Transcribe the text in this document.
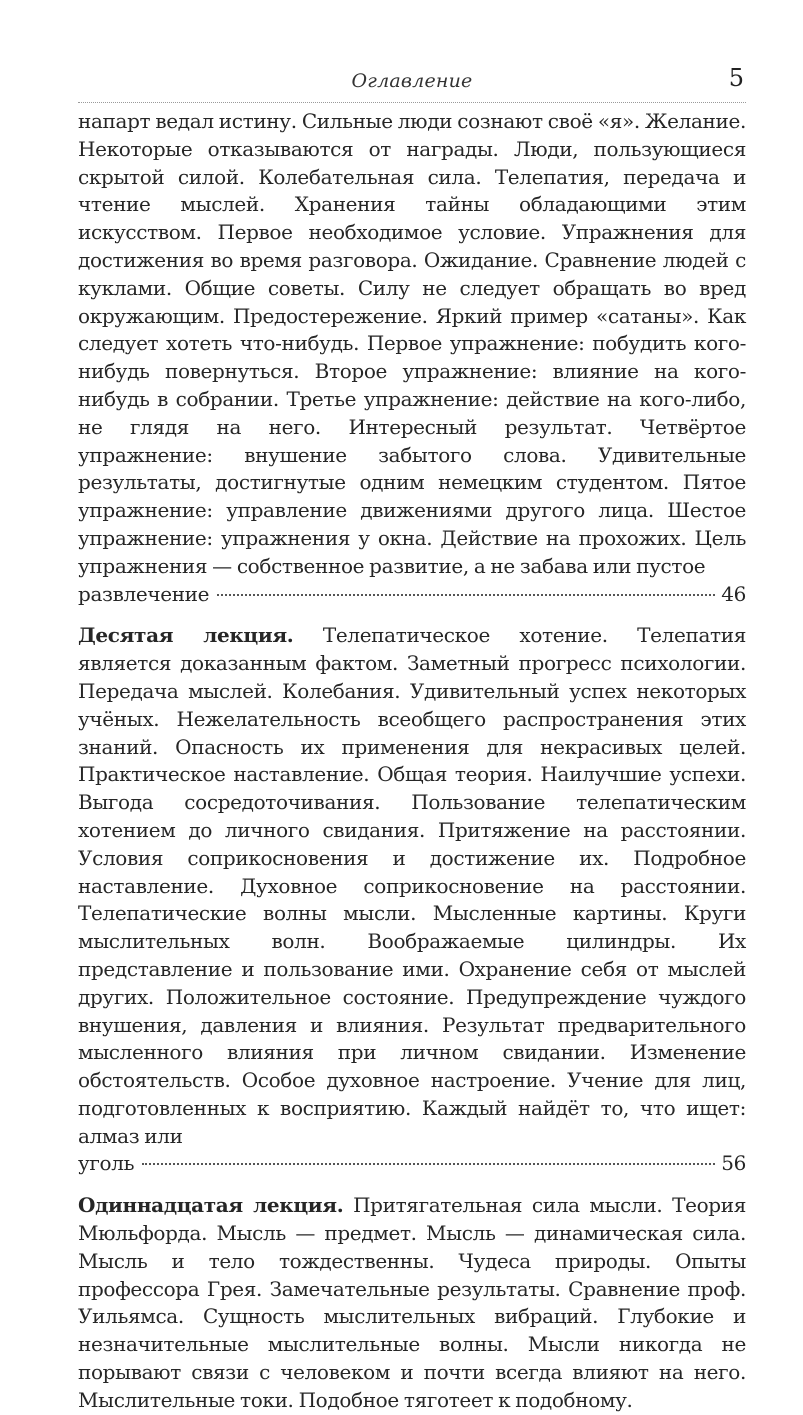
Оглавление	5

напарт ведал истину. Сильные люди сознают своё «я». Желание. Некоторые отказываются от награды. Люди, пользующиеся скрытой силой. Колебательная сила. Телепатия, передача и чтение мыслей. Хранения тайны обладающими этим искусством. Первое необходимое условие. Упражнения для достижения во время разговора. Ожидание. Сравнение людей с куклами. Общие советы. Силу не следует обращать во вред окружающим. Предостережение. Яркий пример «сатаны». Как следует хотеть что-нибудь. Первое упражнение: побудить кого-нибудь повернуться. Второе упражнение: влияние на кого-нибудь в собрании. Третье упражнение: действие на кого-либо, не глядя на него. Интересный результат. Четвёртое упражнение: внушение забытого слова. Удивительные результаты, достигнутые одним немецким студентом. Пятое упражнение: управление движениями другого лица. Шестое упражнение: упражнения у окна. Действие на прохожих. Цель упражнения — собственное развитие, а не забава или пустое
развлечение	46

Десятая лекция. Телепатическое хотение. Телепатия является доказанным фактом. Заметный прогресс психологии. Передача мыслей. Колебания. Удивительный успех некоторых учёных. Нежелательность всеобщего распространения этих знаний. Опасность их применения для некрасивых целей. Практическое наставление. Общая теория. Наилучшие успехи. Выгода сосредоточивания. Пользование телепатическим хотением до личного свидания. Притяжение на расстоянии. Условия соприкосновения и достижение их. Подробное наставление. Духовное соприкосновение на расстоянии. Телепатические волны мысли. Мысленные картины. Круги мыслительных волн. Воображаемые цилиндры. Их представление и пользование ими. Охранение себя от мыслей других. Положительное состояние. Предупреждение чуждого внушения, давления и влияния. Результат предварительного мысленного влияния при личном свидании. Изменение обстоятельств. Особое духовное настроение. Учение для лиц, подготовленных к восприятию. Каждый найдёт то, что ищет: алмаз или
уголь	56

Одиннадцатая лекция. Притягательная сила мысли. Теория Мюльфорда. Мысль — предмет. Мысль — динамическая сила. Мысль и тело тождественны. Чудеса природы. Опыты профессора Грея. Замечательные результаты. Сравнение проф. Уильямса. Сущность мыслительных вибраций. Глубокие и незначительные мыслительные волны. Мысли никогда не порывают связи с человеком и почти всегда влияют на него. Мыслительные токи. Подобное тяготеет к подобному.
